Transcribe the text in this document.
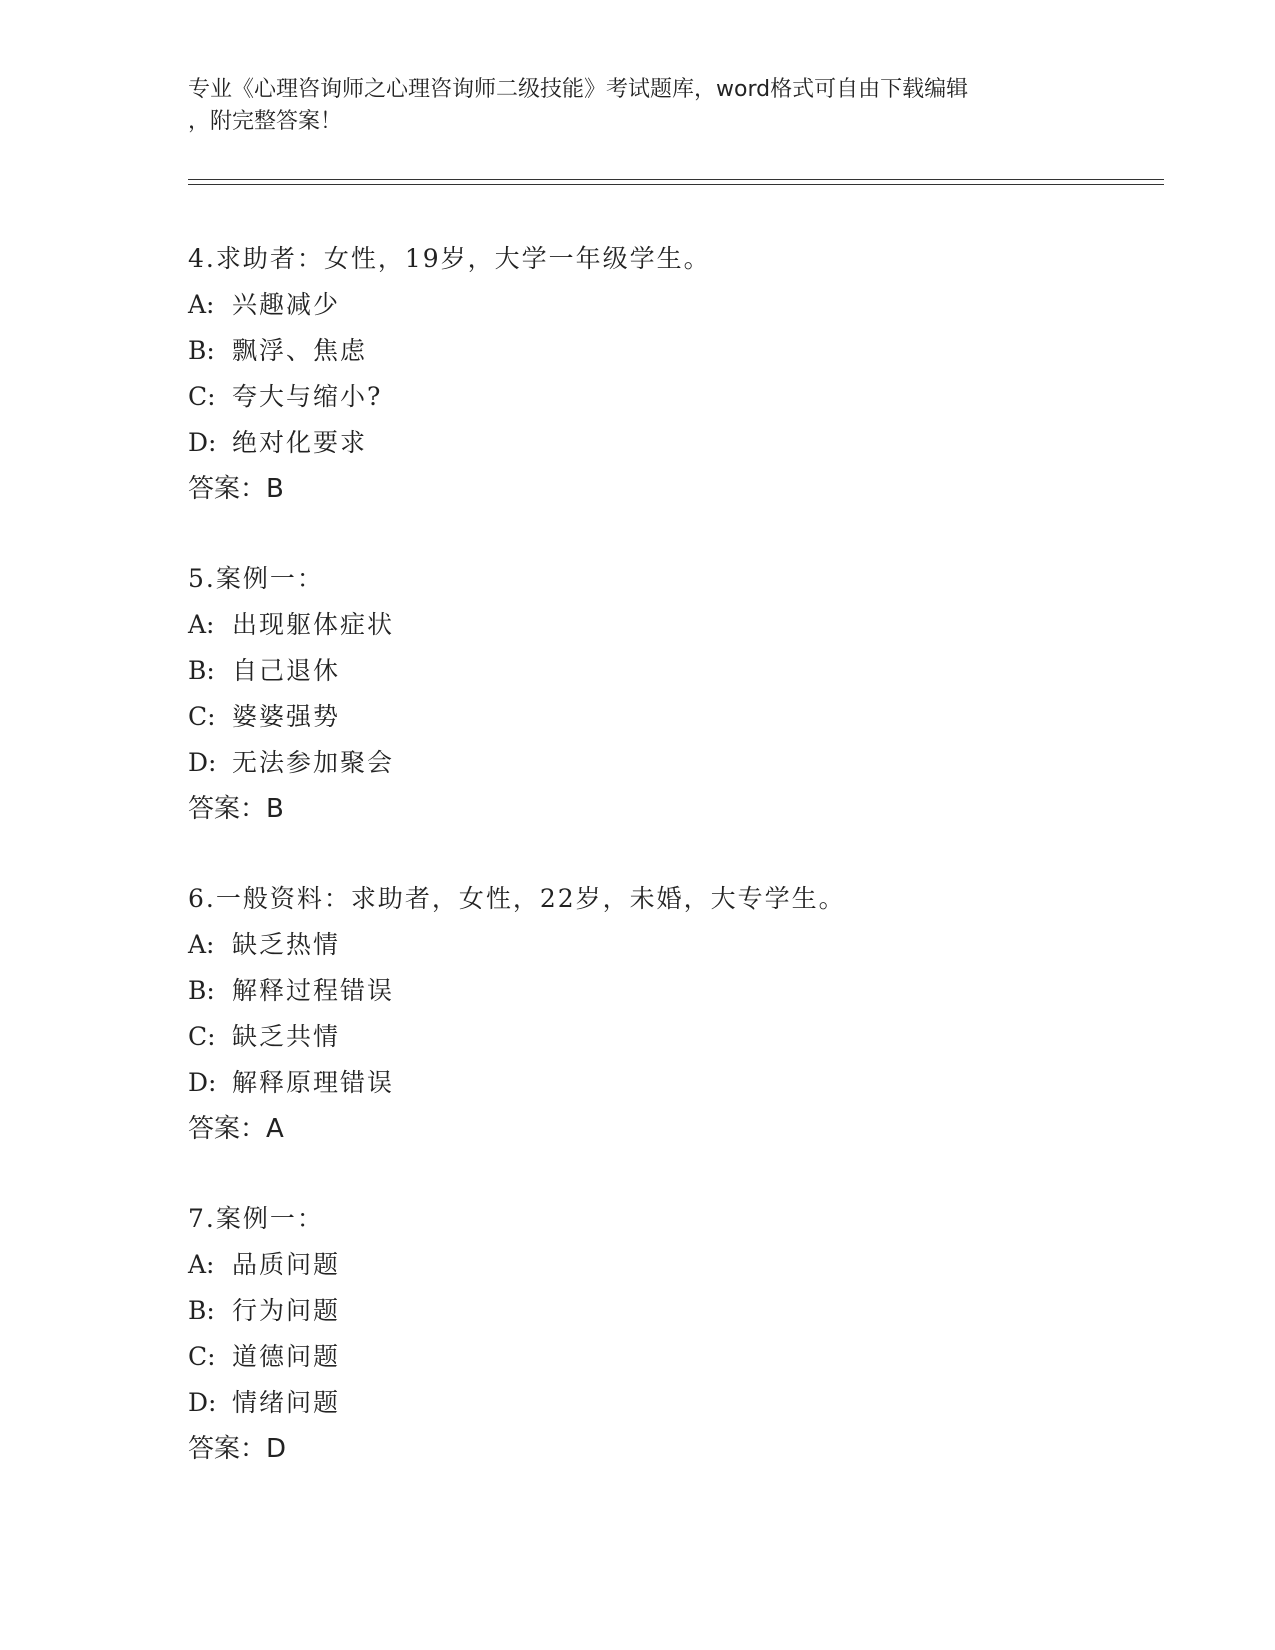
专业《心理咨询师之心理咨询师二级技能》考试题库，word格式可自由下载编辑
，附完整答案！
4.求助者：女性，19岁，大学一年级学生。
A: 兴趣减少
B: 飘浮、焦虑
C: 夸大与缩小?
D: 绝对化要求
答案：B
5.案例一：
A: 出现躯体症状
B: 自己退休
C: 婆婆强势
D: 无法参加聚会
答案：B
6.一般资料：求助者，女性，22岁，未婚，大专学生。
A: 缺乏热情
B: 解释过程错误
C: 缺乏共情
D: 解释原理错误
答案：A
7.案例一：
A: 品质问题
B: 行为问题
C: 道德问题
D: 情绪问题
答案：D
